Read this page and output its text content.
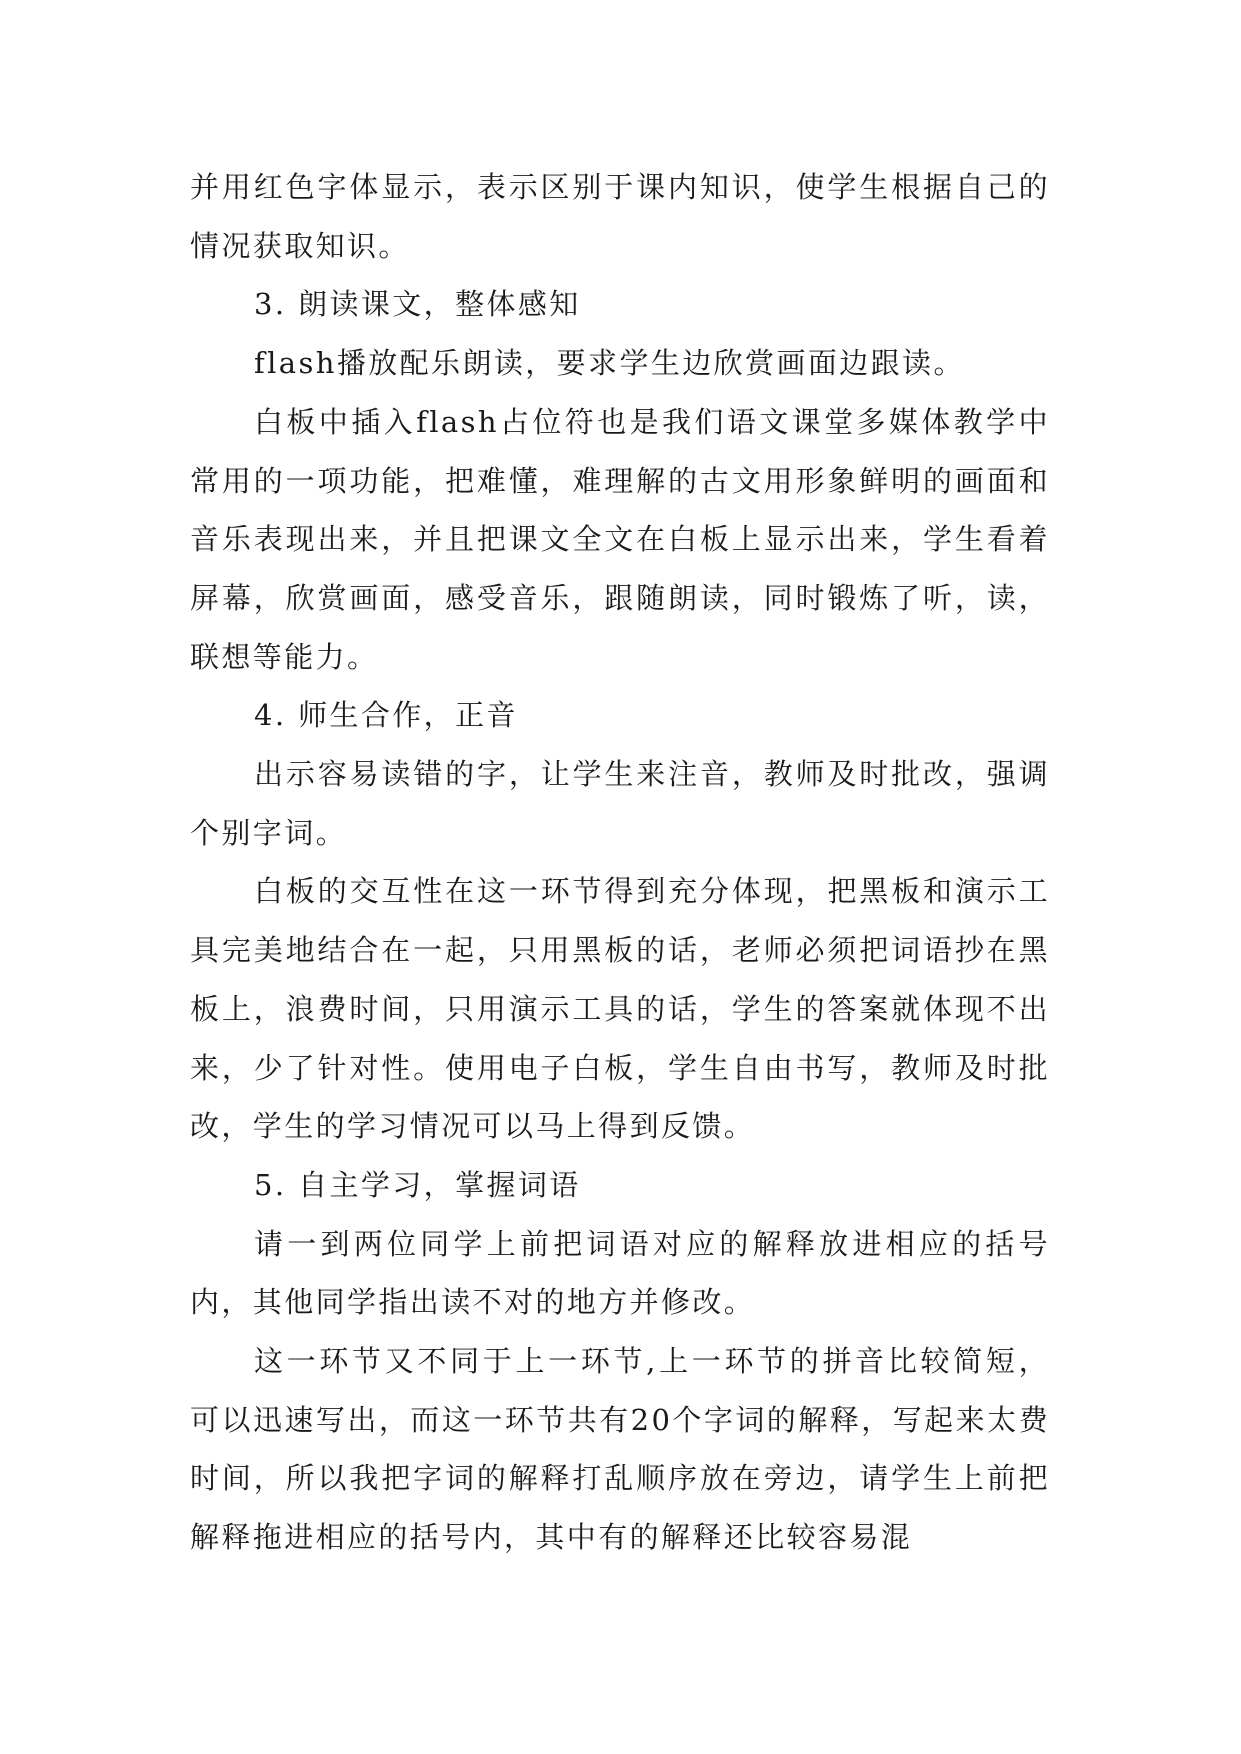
并用红色字体显示，表示区别于课内知识，使学生根据自己的情况获取知识。

3. 朗读课文，整体感知

flash播放配乐朗读，要求学生边欣赏画面边跟读。

白板中插入flash占位符也是我们语文课堂多媒体教学中常用的一项功能，把难懂，难理解的古文用形象鲜明的画面和音乐表现出来，并且把课文全文在白板上显示出来，学生看着屏幕，欣赏画面，感受音乐，跟随朗读，同时锻炼了听，读，联想等能力。

4. 师生合作，正音

出示容易读错的字，让学生来注音，教师及时批改，强调个别字词。

白板的交互性在这一环节得到充分体现，把黑板和演示工具完美地结合在一起，只用黑板的话，老师必须把词语抄在黑板上，浪费时间，只用演示工具的话，学生的答案就体现不出来，少了针对性。使用电子白板，学生自由书写，教师及时批改，学生的学习情况可以马上得到反馈。

5. 自主学习，掌握词语

请一到两位同学上前把词语对应的解释放进相应的括号内，其他同学指出读不对的地方并修改。

这一环节又不同于上一环节,上一环节的拼音比较简短，可以迅速写出，而这一环节共有20个字词的解释，写起来太费时间，所以我把字词的解释打乱顺序放在旁边，请学生上前把解释拖进相应的括号内，其中有的解释还比较容易混
